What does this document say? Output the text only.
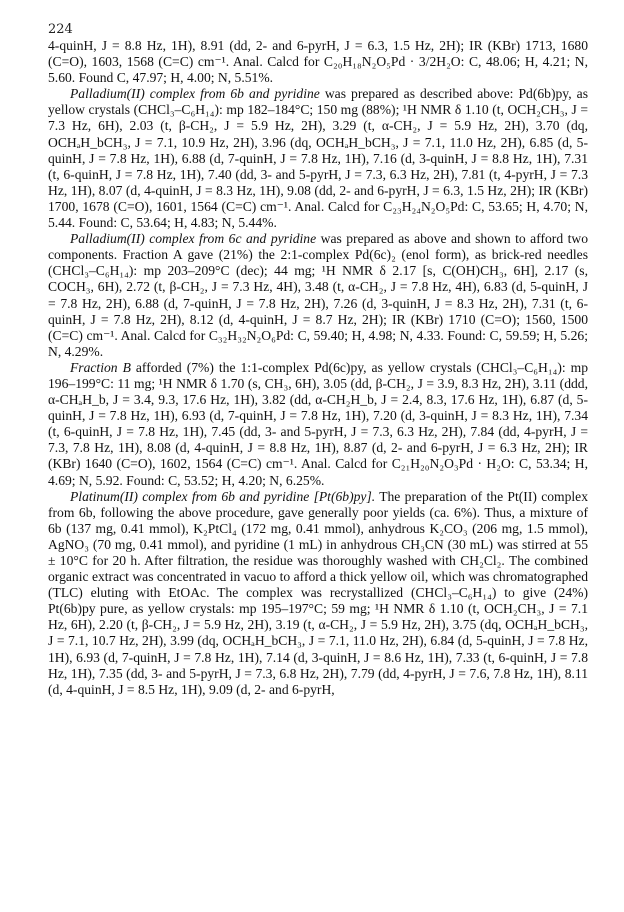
224

4-quinH, J = 8.8 Hz, 1H), 8.91 (dd, 2- and 6-pyrH, J = 6.3, 1.5 Hz, 2H); IR (KBr) 1713, 1680 (C=O), 1603, 1568 (C=C) cm⁻¹. Anal. Calcd for C₂₀H₁₈N₂O₅Pd · 3/2H₂O: C, 48.06; H, 4.21; N, 5.60. Found C, 47.97; H, 4.00; N, 5.51%.

Palladium(II) complex from 6b and pyridine was prepared as described above: Pd(6b)py, as yellow crystals (CHCl₃–C₆H₁₄): mp 182–184°C; 150 mg (88%); ¹H NMR δ 1.10 (t, OCH₂CH₃, J = 7.3 Hz, 6H), 2.03 (t, β-CH₂, J = 5.9 Hz, 2H), 3.29 (t, α-CH₂, J = 5.9 Hz, 2H), 3.70 (dq, OCHₐH_bCH₃, J = 7.1, 10.9 Hz, 2H), 3.96 (dq, OCHₐH_bCH₃, J = 7.1, 11.0 Hz, 2H), 6.85 (d, 5-quinH, J = 7.8 Hz, 1H), 6.88 (d, 7-quinH, J = 7.8 Hz, 1H), 7.16 (d, 3-quinH, J = 8.8 Hz, 1H), 7.31 (t, 6-quinH, J = 7.8 Hz, 1H), 7.40 (dd, 3- and 5-pyrH, J = 7.3, 6.3 Hz, 2H), 7.81 (t, 4-pyrH, J = 7.3 Hz, 1H), 8.07 (d, 4-quinH, J = 8.3 Hz, 1H), 9.08 (dd, 2- and 6-pyrH, J = 6.3, 1.5 Hz, 2H); IR (KBr) 1700, 1678 (C=O), 1601, 1564 (C=C) cm⁻¹. Anal. Calcd for C₂₃H₂₄N₂O₅Pd: C, 53.65; H, 4.70; N, 5.44. Found: C, 53.64; H, 4.83; N, 5.44%.

Palladium(II) complex from 6c and pyridine was prepared as above and shown to afford two components. Fraction A gave (21%) the 2:1-complex Pd(6c)₂ (enol form), as brick-red needles (CHCl₃–C₆H₁₄): mp 203–209°C (dec); 44 mg; ¹H NMR δ 2.17 [s, C(OH)CH₃, 6H], 2.17 (s, COCH₃, 6H), 2.72 (t, β-CH₂, J = 7.3 Hz, 4H), 3.48 (t, α-CH₂, J = 7.8 Hz, 4H), 6.83 (d, 5-quinH, J = 7.8 Hz, 2H), 6.88 (d, 7-quinH, J = 7.8 Hz, 2H), 7.26 (d, 3-quinH, J = 8.3 Hz, 2H), 7.31 (t, 6-quinH, J = 7.8 Hz, 2H), 8.12 (d, 4-quinH, J = 8.7 Hz, 2H); IR (KBr) 1710 (C=O); 1560, 1500 (C=C) cm⁻¹. Anal. Calcd for C₃₂H₃₂N₂O₆Pd: C, 59.40; H, 4.98; N, 4.33. Found: C, 59.59; H, 5.26; N, 4.29%.

Fraction B afforded (7%) the 1:1-complex Pd(6c)py, as yellow crystals (CHCl₃–C₆H₁₄): mp 196–199°C: 11 mg; ¹H NMR δ 1.70 (s, CH₃, 6H), 3.05 (dd, β-CH₂, J = 3.9, 8.3 Hz, 2H), 3.11 (ddd, α-CHₐH_b, J = 3.4, 9.3, 17.6 Hz, 1H), 3.82 (dd, α-CH₂H_b, J = 2.4, 8.3, 17.6 Hz, 1H), 6.87 (d, 5-quinH, J = 7.8 Hz, 1H), 6.93 (d, 7-quinH, J = 7.8 Hz, 1H), 7.20 (d, 3-quinH, J = 8.3 Hz, 1H), 7.34 (t, 6-quinH, J = 7.8 Hz, 1H), 7.45 (dd, 3- and 5-pyrH, J = 7.3, 6.3 Hz, 2H), 7.84 (dd, 4-pyrH, J = 7.3, 7.8 Hz, 1H), 8.08 (d, 4-quinH, J = 8.8 Hz, 1H), 8.87 (d, 2- and 6-pyrH, J = 6.3 Hz, 2H); IR (KBr) 1640 (C=O), 1602, 1564 (C=C) cm⁻¹. Anal. Calcd for C₂₁H₂₀N₂O₃Pd · H₂O: C, 53.34; H, 4.69; N, 5.92. Found: C, 53.52; H, 4.20; N, 6.25%.

Platinum(II) complex from 6b and pyridine [Pt(6b)py]. The preparation of the Pt(II) complex from 6b, following the above procedure, gave generally poor yields (ca. 6%). Thus, a mixture of 6b (137 mg, 0.41 mmol), K₂PtCl₄ (172 mg, 0.41 mmol), anhydrous K₂CO₃ (206 mg, 1.5 mmol), AgNO₃ (70 mg, 0.41 mmol), and pyridine (1 mL) in anhydrous CH₃CN (30 mL) was stirred at 55 ± 10°C for 20 h. After filtration, the residue was thoroughly washed with CH₂Cl₂. The combined organic extract was concentrated in vacuo to afford a thick yellow oil, which was chromatographed (TLC) eluting with EtOAc. The complex was recrystallized (CHCl₃–C₆H₁₄) to give (24%) Pt(6b)py pure, as yellow crystals: mp 195–197°C; 59 mg; ¹H NMR δ 1.10 (t, OCH₂CH₃, J = 7.1 Hz, 6H), 2.20 (t, β-CH₂, J = 5.9 Hz, 2H), 3.19 (t, α-CH₂, J = 5.9 Hz, 2H), 3.75 (dq, OCHₐH_bCH₃, J = 7.1, 10.7 Hz, 2H), 3.99 (dq, OCHₐH_bCH₃, J = 7.1, 11.0 Hz, 2H), 6.84 (d, 5-quinH, J = 7.8 Hz, 1H), 6.93 (d, 7-quinH, J = 7.8 Hz, 1H), 7.14 (d, 3-quinH, J = 8.6 Hz, 1H), 7.33 (t, 6-quinH, J = 7.8 Hz, 1H), 7.35 (dd, 3- and 5-pyrH, J = 7.3, 6.8 Hz, 2H), 7.79 (dd, 4-pyrH, J = 7.6, 7.8 Hz, 1H), 8.11 (d, 4-quinH, J = 8.5 Hz, 1H), 9.09 (d, 2- and 6-pyrH,
